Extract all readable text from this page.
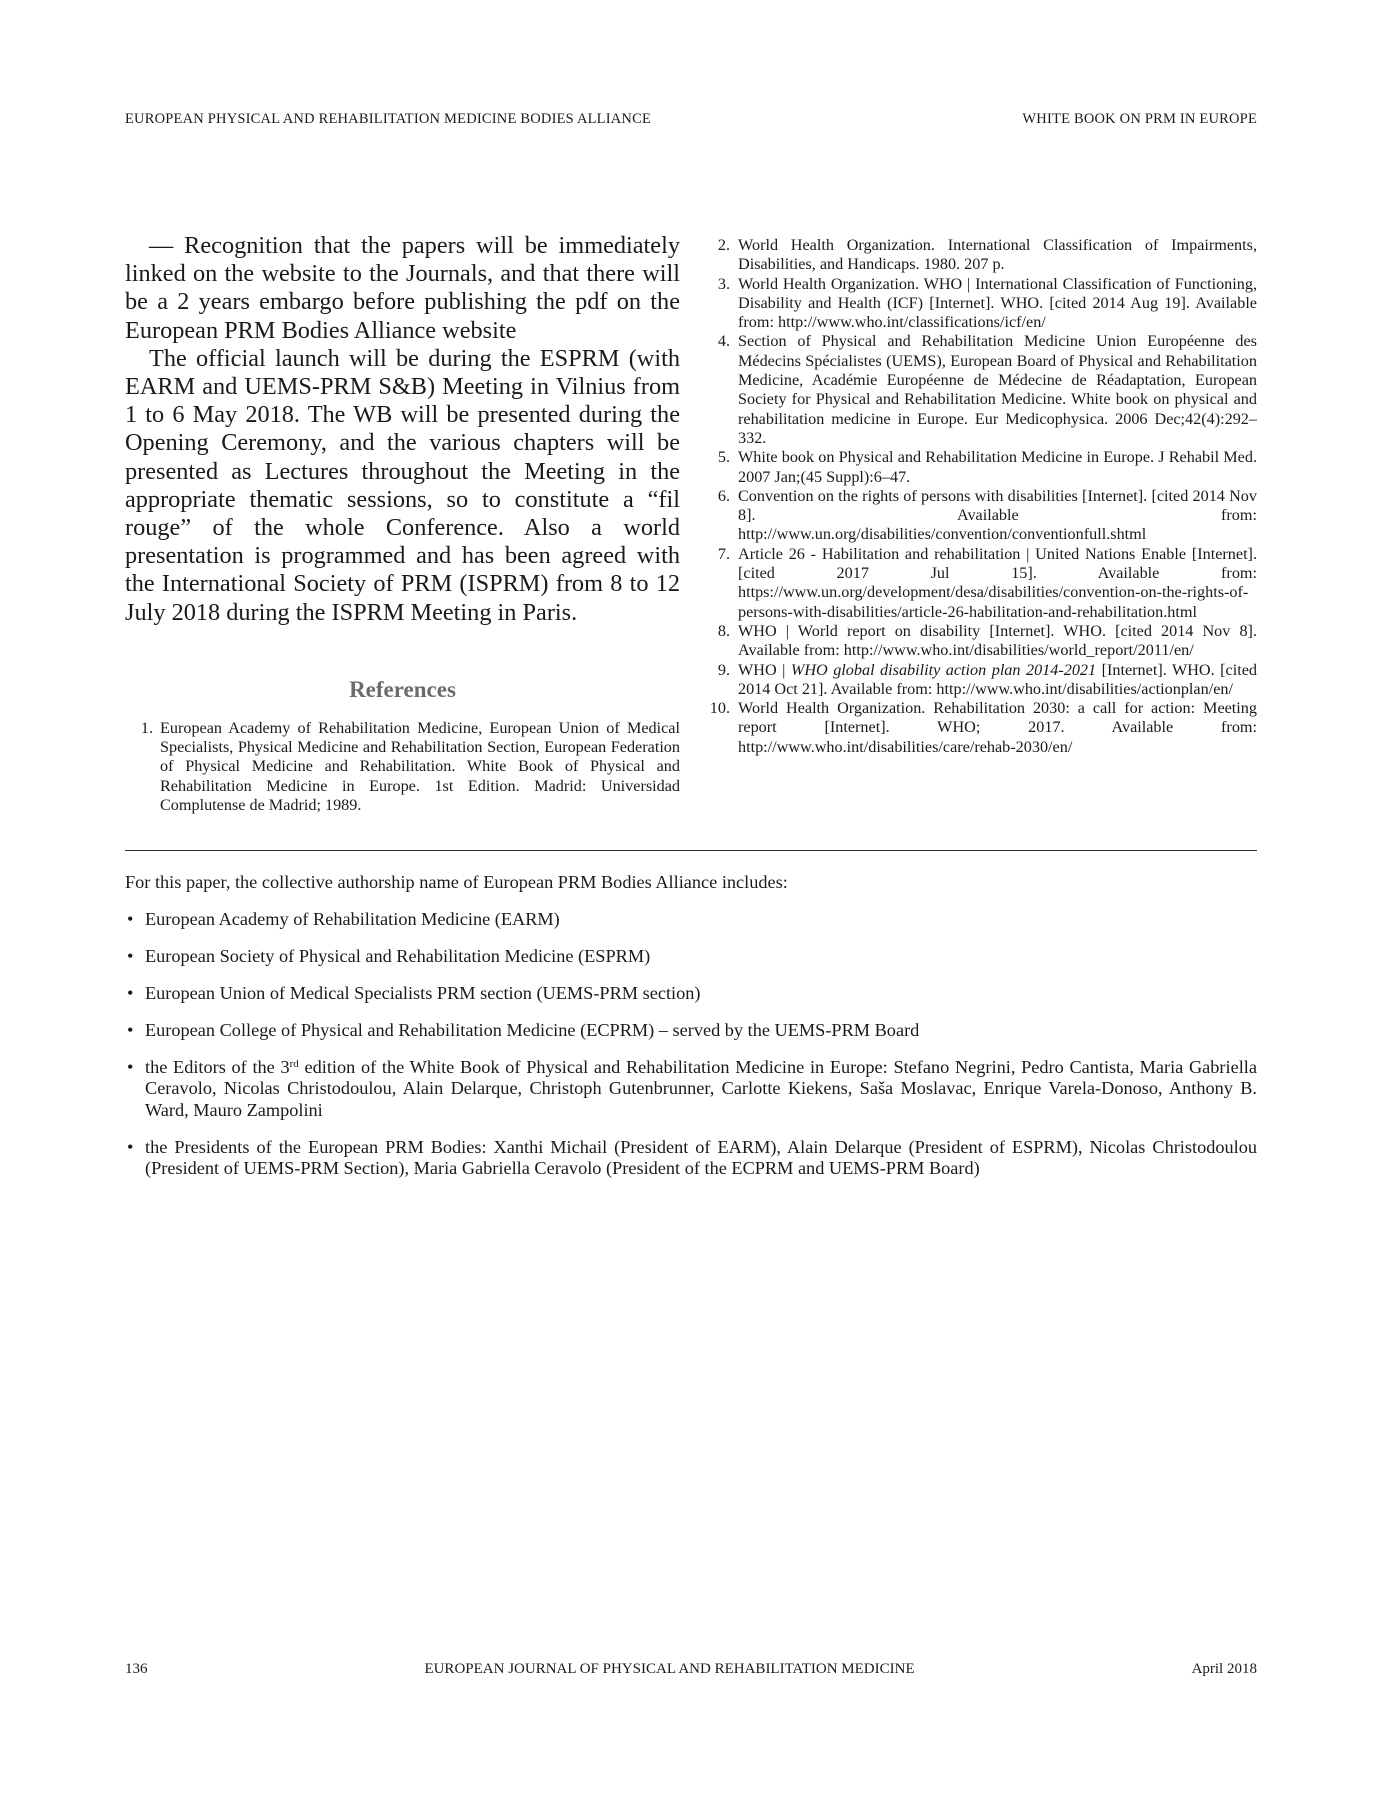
EUROPEAN PHYSICAL AND REHABILITATION MEDICINE BODIES ALLIANCE	WHITE BOOK ON PRM IN EUROPE

— Recognition that the papers will be immediately linked on the website to the Journals, and that there will be a 2 years embargo before publishing the pdf on the European PRM Bodies Alliance website

The official launch will be during the ESPRM (with EARM and UEMS-PRM S&B) Meeting in Vilnius from 1 to 6 May 2018. The WB will be presented during the Opening Ceremony, and the various chapters will be presented as Lectures throughout the Meeting in the appropriate thematic sessions, so to constitute a “fil rouge” of the whole Conference. Also a world presentation is programmed and has been agreed with the International Society of PRM (ISPRM) from 8 to 12 July 2018 during the ISPRM Meeting in Paris.

References
1. European Academy of Rehabilitation Medicine, European Union of Medical Specialists, Physical Medicine and Rehabilitation Section, European Federation of Physical Medicine and Rehabilitation. White Book of Physical and Rehabilitation Medicine in Europe. 1st Edition. Madrid: Universidad Complutense de Madrid; 1989.
2. World Health Organization. International Classification of Impairments, Disabilities, and Handicaps. 1980. 207 p.
3. World Health Organization. WHO | International Classification of Functioning, Disability and Health (ICF) [Internet]. WHO. [cited 2014 Aug 19]. Available from: http://www.who.int/classifications/icf/en/
4. Section of Physical and Rehabilitation Medicine Union Européenne des Médecins Spécialistes (UEMS), European Board of Physical and Rehabilitation Medicine, Académie Européenne de Médecine de Réadaptation, European Society for Physical and Rehabilitation Medicine. White book on physical and rehabilitation medicine in Europe. Eur Medicophysica. 2006 Dec;42(4):292–332.
5. White book on Physical and Rehabilitation Medicine in Europe. J Rehabil Med. 2007 Jan;(45 Suppl):6–47.
6. Convention on the rights of persons with disabilities [Internet]. [cited 2014 Nov 8]. Available from: http://www.un.org/disabilities/convention/conventionfull.shtml
7. Article 26 - Habilitation and rehabilitation | United Nations Enable [Internet]. [cited 2017 Jul 15]. Available from: https://www.un.org/development/desa/disabilities/convention-on-the-rights-of-persons-with-disabilities/article-26-habilitation-and-rehabilitation.html
8. WHO | World report on disability [Internet]. WHO. [cited 2014 Nov 8]. Available from: http://www.who.int/disabilities/world_report/2011/en/
9. WHO | WHO global disability action plan 2014-2021 [Internet]. WHO. [cited 2014 Oct 21]. Available from: http://www.who.int/disabilities/actionplan/en/
10. World Health Organization. Rehabilitation 2030: a call for action: Meeting report [Internet]. WHO; 2017. Available from: http://www.who.int/disabilities/care/rehab-2030/en/

For this paper, the collective authorship name of European PRM Bodies Alliance includes:

• European Academy of Rehabilitation Medicine (EARM)
• European Society of Physical and Rehabilitation Medicine (ESPRM)
• European Union of Medical Specialists PRM section (UEMS-PRM section)
• European College of Physical and Rehabilitation Medicine (ECPRM) – served by the UEMS-PRM Board
• the Editors of the 3rd edition of the White Book of Physical and Rehabilitation Medicine in Europe: Stefano Negrini, Pedro Cantista, Maria Gabriella Ceravolo, Nicolas Christodoulou, Alain Delarque, Christoph Gutenbrunner, Carlotte Kiekens, Saša Moslavac, Enrique Varela-Donoso, Anthony B. Ward, Mauro Zampolini
• the Presidents of the European PRM Bodies: Xanthi Michail (President of EARM), Alain Delarque (President of ESPRM), Nicolas Christodoulou (President of UEMS-PRM Section), Maria Gabriella Ceravolo (President of the ECPRM and UEMS-PRM Board)
136	EUROPEAN JOURNAL OF PHYSICAL AND REHABILITATION MEDICINE	April 2018
